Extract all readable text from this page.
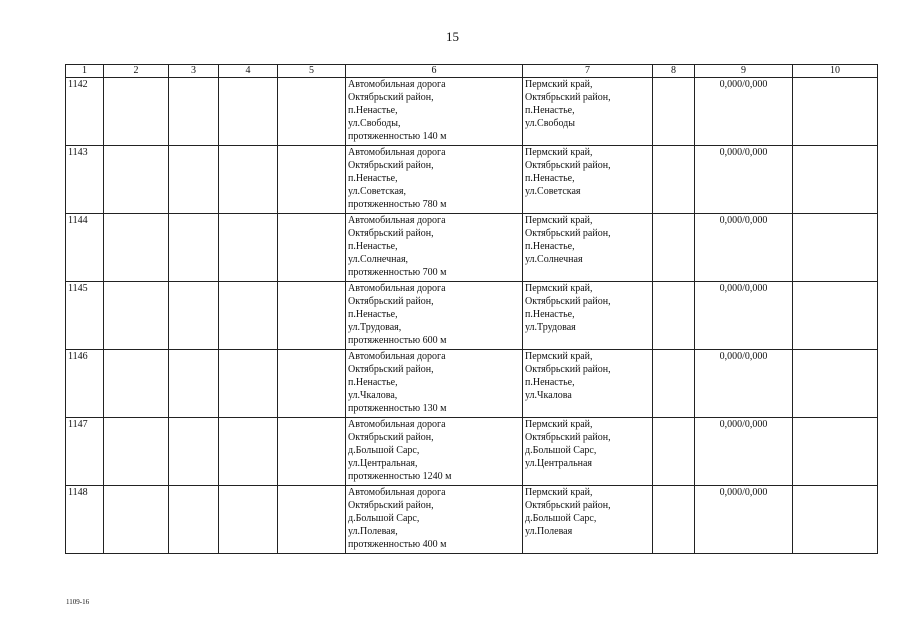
15
1	2	3	4	5	6	7	8	9	10
1142					Автомобильная дорога
Октябрьский район,
п.Ненастье,
ул.Свободы,
протяженностью 140 м	Пермский край,
Октябрьский район,
п.Ненастье,
ул.Свободы		0,000/0,000	
1143					Автомобильная дорога
Октябрьский район,
п.Ненастье,
ул.Советская,
протяженностью 780 м	Пермский край,
Октябрьский район,
п.Ненастье,
ул.Советская		0,000/0,000	
1144					Автомобильная дорога
Октябрьский район,
п.Ненастье,
ул.Солнечная,
протяженностью 700 м	Пермский край,
Октябрьский район,
п.Ненастье,
ул.Солнечная		0,000/0,000	
1145					Автомобильная дорога
Октябрьский район,
п.Ненастье,
ул.Трудовая,
протяженностью 600 м	Пермский край,
Октябрьский район,
п.Ненастье,
ул.Трудовая		0,000/0,000	
1146					Автомобильная дорога
Октябрьский район,
п.Ненастье,
ул.Чкалова,
протяженностью 130 м	Пермский край,
Октябрьский район,
п.Ненастье,
ул.Чкалова		0,000/0,000	
1147					Автомобильная дорога
Октябрьский район,
д.Большой Сарс,
ул.Центральная,
протяженностью 1240 м	Пермский край,
Октябрьский район,
д.Большой Сарс,
ул.Центральная		0,000/0,000	
1148					Автомобильная дорога
Октябрьский район,
д.Большой Сарс,
ул.Полевая,
протяженностью 400 м	Пермский край,
Октябрьский район,
д.Большой Сарс,
ул.Полевая		0,000/0,000	
1109-16
